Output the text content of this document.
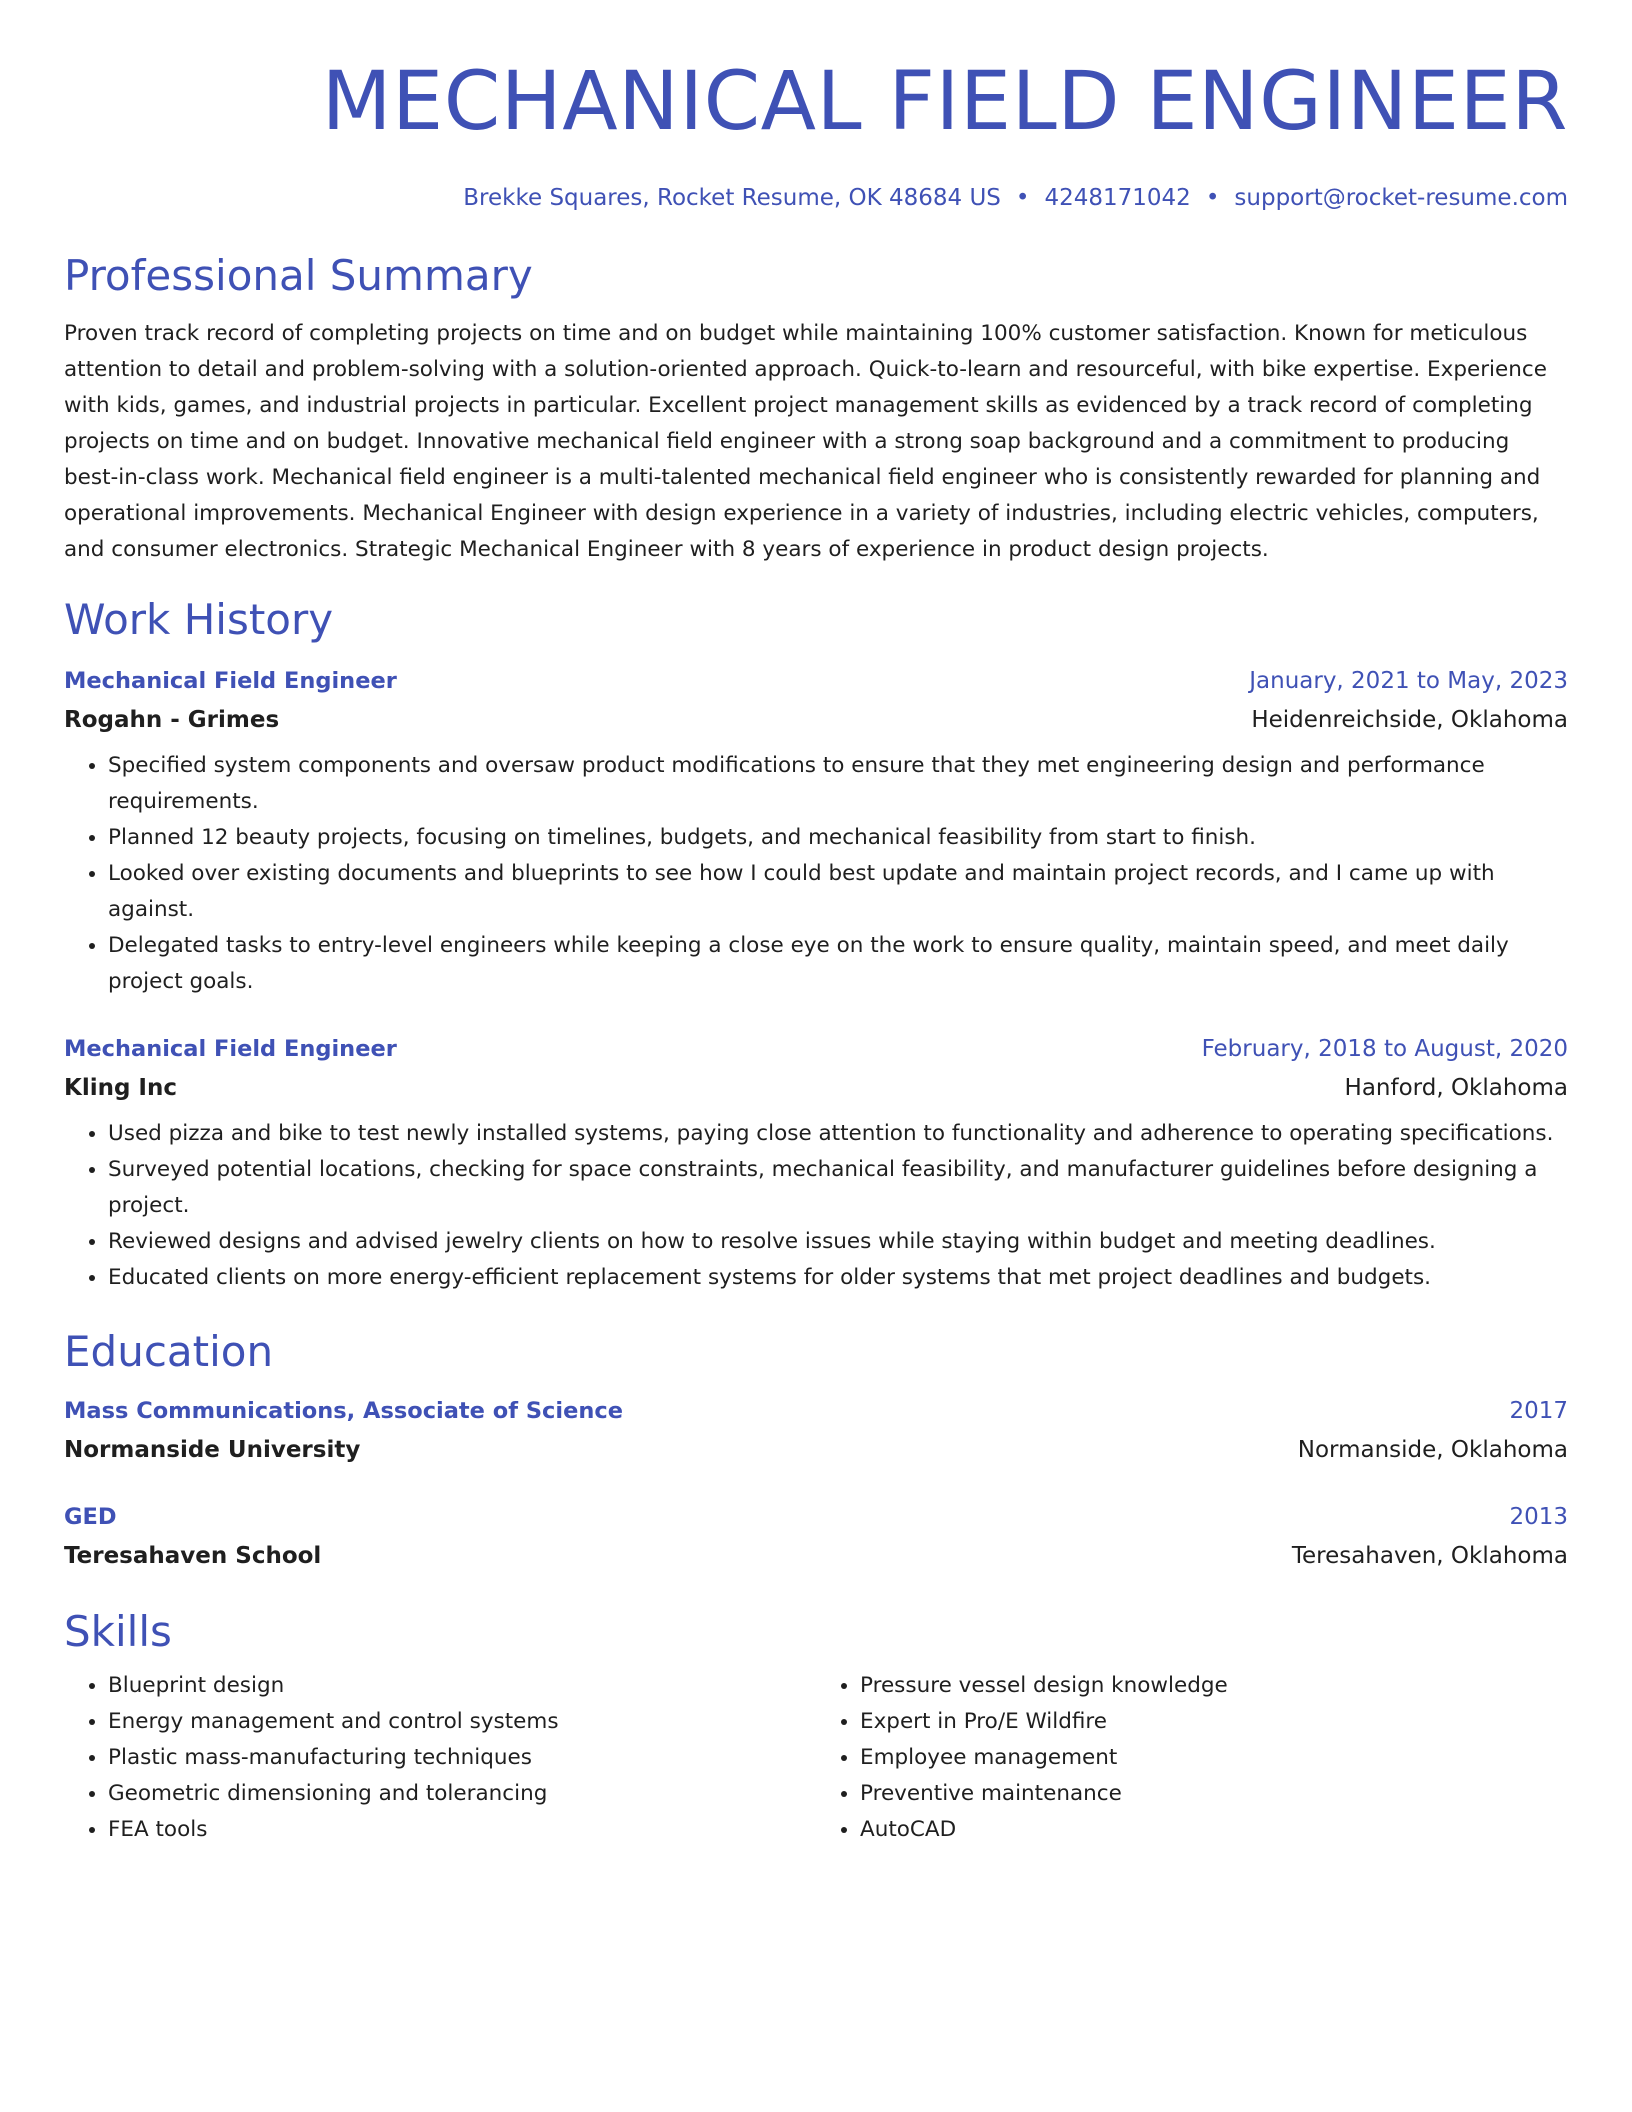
MECHANICAL FIELD ENGINEER
Brekke Squares, Rocket Resume, OK 48684 US • 4248171042 • support@rocket-resume.com
Professional Summary

Proven track record of completing projects on time and on budget while maintaining 100% customer satisfaction. Known for meticulous attention to detail and problem-solving with a solution-oriented approach. Quick-to-learn and resourceful, with bike expertise. Experience with kids, games, and industrial projects in particular. Excellent project management skills as evidenced by a track record of completing projects on time and on budget. Innovative mechanical field engineer with a strong soap background and a commitment to producing best-in-class work. Mechanical field engineer is a multi-talented mechanical field engineer who is consistently rewarded for planning and operational improvements. Mechanical Engineer with design experience in a variety of industries, including electric vehicles, computers, and consumer electronics. Strategic Mechanical Engineer with 8 years of experience in product design projects.

Work History
Mechanical Field Engineer	January, 2021 to May, 2023
Rogahn - Grimes	Heidenreichside, Oklahoma
• Specified system components and oversaw product modifications to ensure that they met engineering design and performance requirements.
• Planned 12 beauty projects, focusing on timelines, budgets, and mechanical feasibility from start to finish.
• Looked over existing documents and blueprints to see how I could best update and maintain project records, and I came up with against.
• Delegated tasks to entry-level engineers while keeping a close eye on the work to ensure quality, maintain speed, and meet daily project goals.
Mechanical Field Engineer	February, 2018 to August, 2020
Kling Inc	Hanford, Oklahoma
• Used pizza and bike to test newly installed systems, paying close attention to functionality and adherence to operating specifications.
• Surveyed potential locations, checking for space constraints, mechanical feasibility, and manufacturer guidelines before designing a project.
• Reviewed designs and advised jewelry clients on how to resolve issues while staying within budget and meeting deadlines.
• Educated clients on more energy-efficient replacement systems for older systems that met project deadlines and budgets.
Education
Mass Communications, Associate of Science	2017
Normanside University	Normanside, Oklahoma
GED	2013
Teresahaven School	Teresahaven, Oklahoma
Skills
• Blueprint design
• Energy management and control systems
• Plastic mass-manufacturing techniques
• Geometric dimensioning and tolerancing
• FEA tools
• Pressure vessel design knowledge
• Expert in Pro/E Wildfire
• Employee management
• Preventive maintenance
• AutoCAD
